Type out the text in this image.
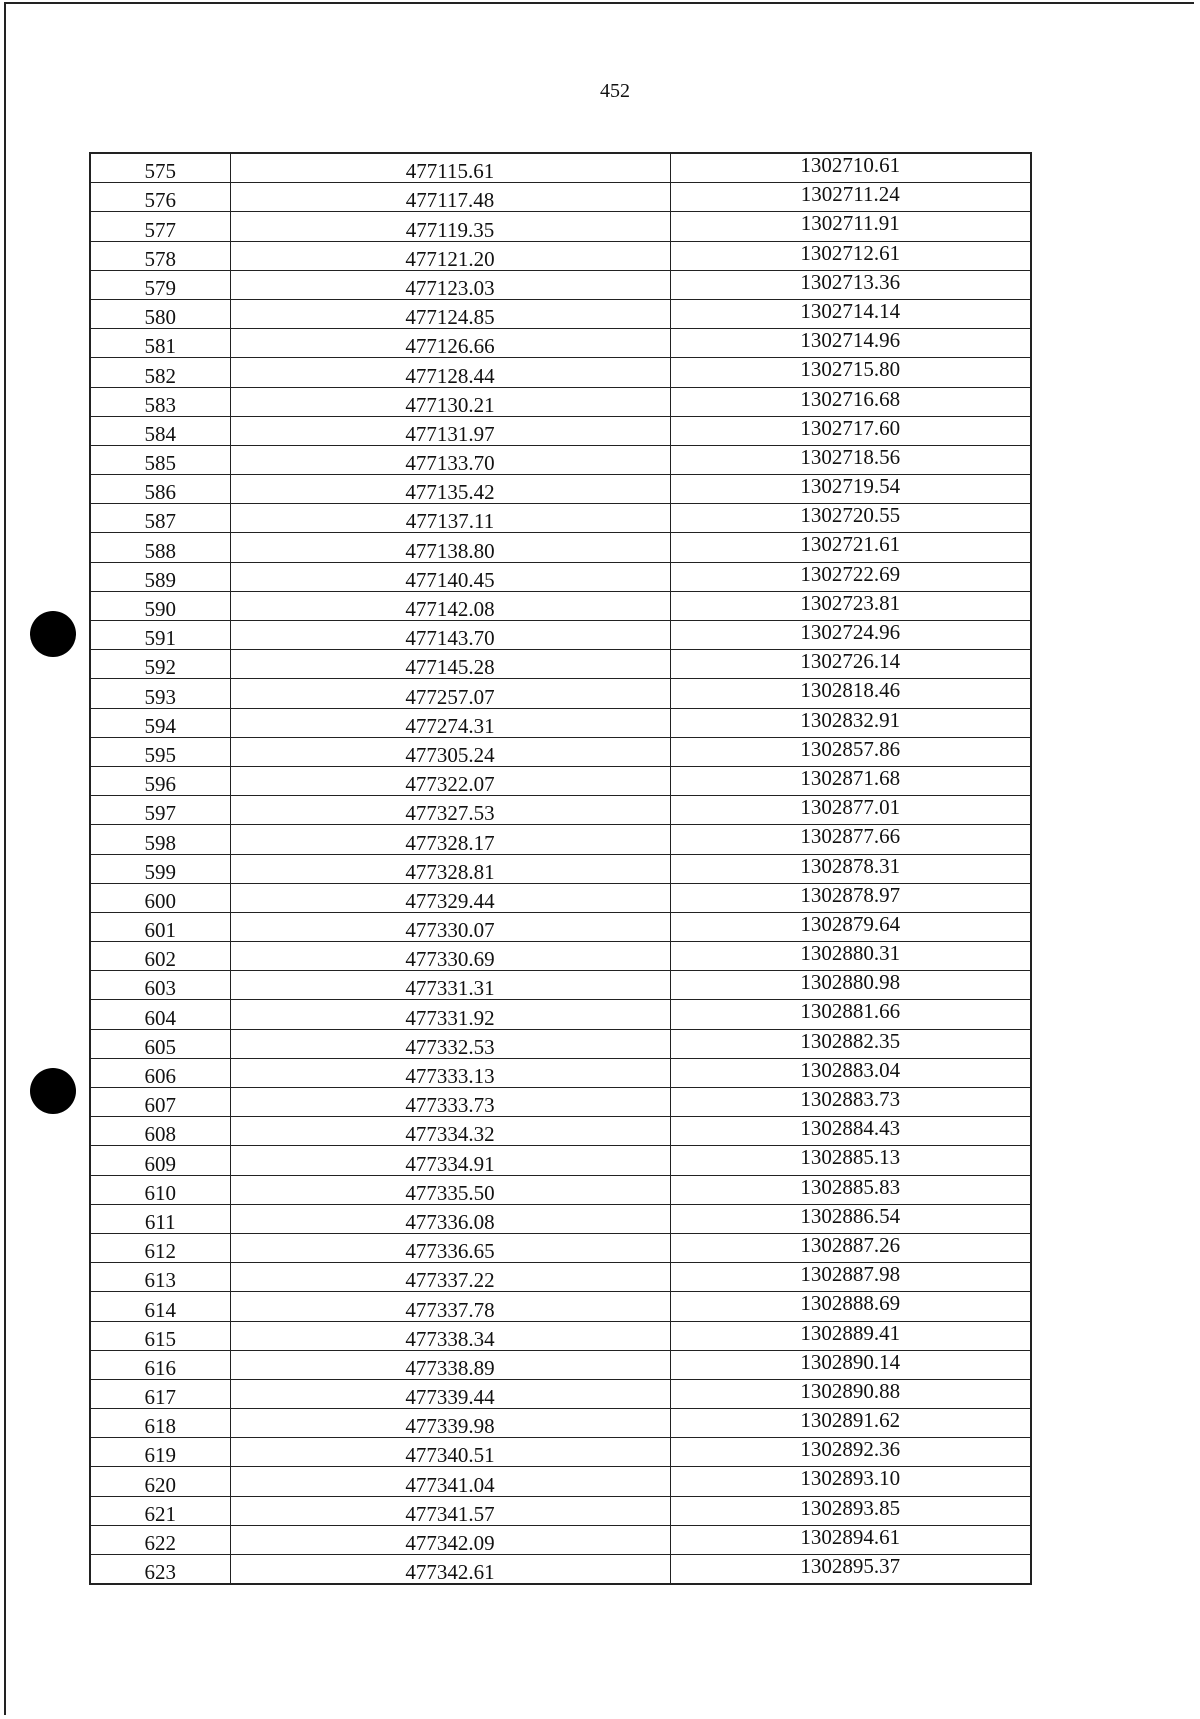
452
575	477115.61	1302710.61
576	477117.48	1302711.24
577	477119.35	1302711.91
578	477121.20	1302712.61
579	477123.03	1302713.36
580	477124.85	1302714.14
581	477126.66	1302714.96
582	477128.44	1302715.80
583	477130.21	1302716.68
584	477131.97	1302717.60
585	477133.70	1302718.56
586	477135.42	1302719.54
587	477137.11	1302720.55
588	477138.80	1302721.61
589	477140.45	1302722.69
590	477142.08	1302723.81
591	477143.70	1302724.96
592	477145.28	1302726.14
593	477257.07	1302818.46
594	477274.31	1302832.91
595	477305.24	1302857.86
596	477322.07	1302871.68
597	477327.53	1302877.01
598	477328.17	1302877.66
599	477328.81	1302878.31
600	477329.44	1302878.97
601	477330.07	1302879.64
602	477330.69	1302880.31
603	477331.31	1302880.98
604	477331.92	1302881.66
605	477332.53	1302882.35
606	477333.13	1302883.04
607	477333.73	1302883.73
608	477334.32	1302884.43
609	477334.91	1302885.13
610	477335.50	1302885.83
611	477336.08	1302886.54
612	477336.65	1302887.26
613	477337.22	1302887.98
614	477337.78	1302888.69
615	477338.34	1302889.41
616	477338.89	1302890.14
617	477339.44	1302890.88
618	477339.98	1302891.62
619	477340.51	1302892.36
620	477341.04	1302893.10
621	477341.57	1302893.85
622	477342.09	1302894.61
623	477342.61	1302895.37
